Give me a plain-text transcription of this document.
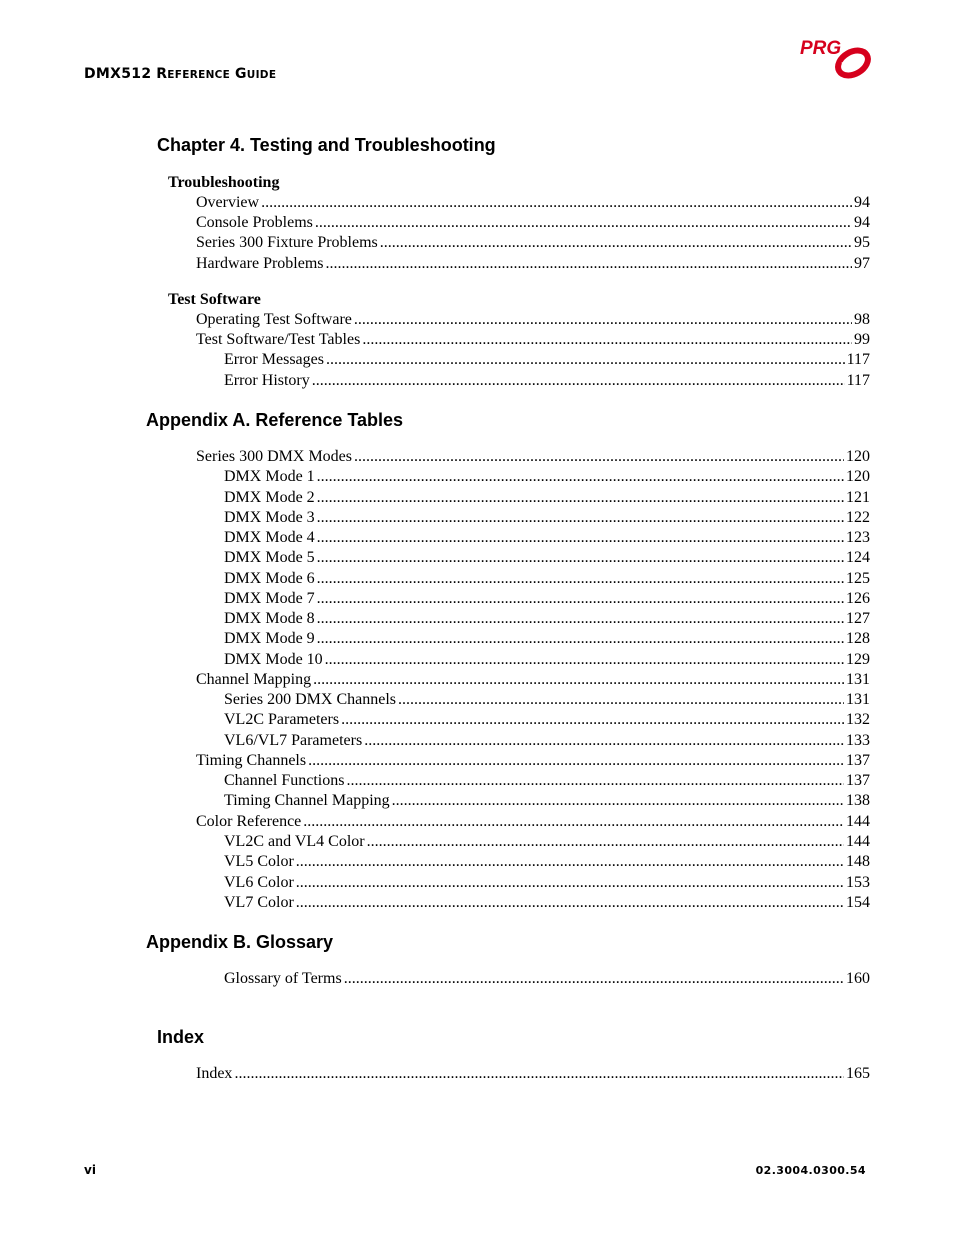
DMX512 REFERENCE GUIDE
PRG
Chapter 4. Testing and Troubleshooting
Troubleshooting
Overview .....	94
Console Problems .....	94
Series 300 Fixture Problems .....	95
Hardware Problems .....	97
Test Software
Operating Test Software .....	98
Test Software/Test Tables .....	99
Error Messages .....	117
Error History .....	117
Appendix A. Reference Tables
Series 300 DMX Modes .....	120
DMX Mode 1 .....	120
DMX Mode 2 .....	121
DMX Mode 3 .....	122
DMX Mode 4 .....	123
DMX Mode 5 .....	124
DMX Mode 6 .....	125
DMX Mode 7 .....	126
DMX Mode 8 .....	127
DMX Mode 9 .....	128
DMX Mode 10 .....	129
Channel Mapping .....	131
Series 200 DMX Channels .....	131
VL2C Parameters .....	132
VL6/VL7 Parameters .....	133
Timing Channels .....	137
Channel Functions .....	137
Timing Channel Mapping .....	138
Color Reference .....	144
VL2C and VL4 Color .....	144
VL5 Color .....	148
VL6 Color .....	153
VL7 Color .....	154
Appendix B. Glossary
Glossary of Terms .....	160
Index
Index .....	165
vi	02.3004.0300.54
